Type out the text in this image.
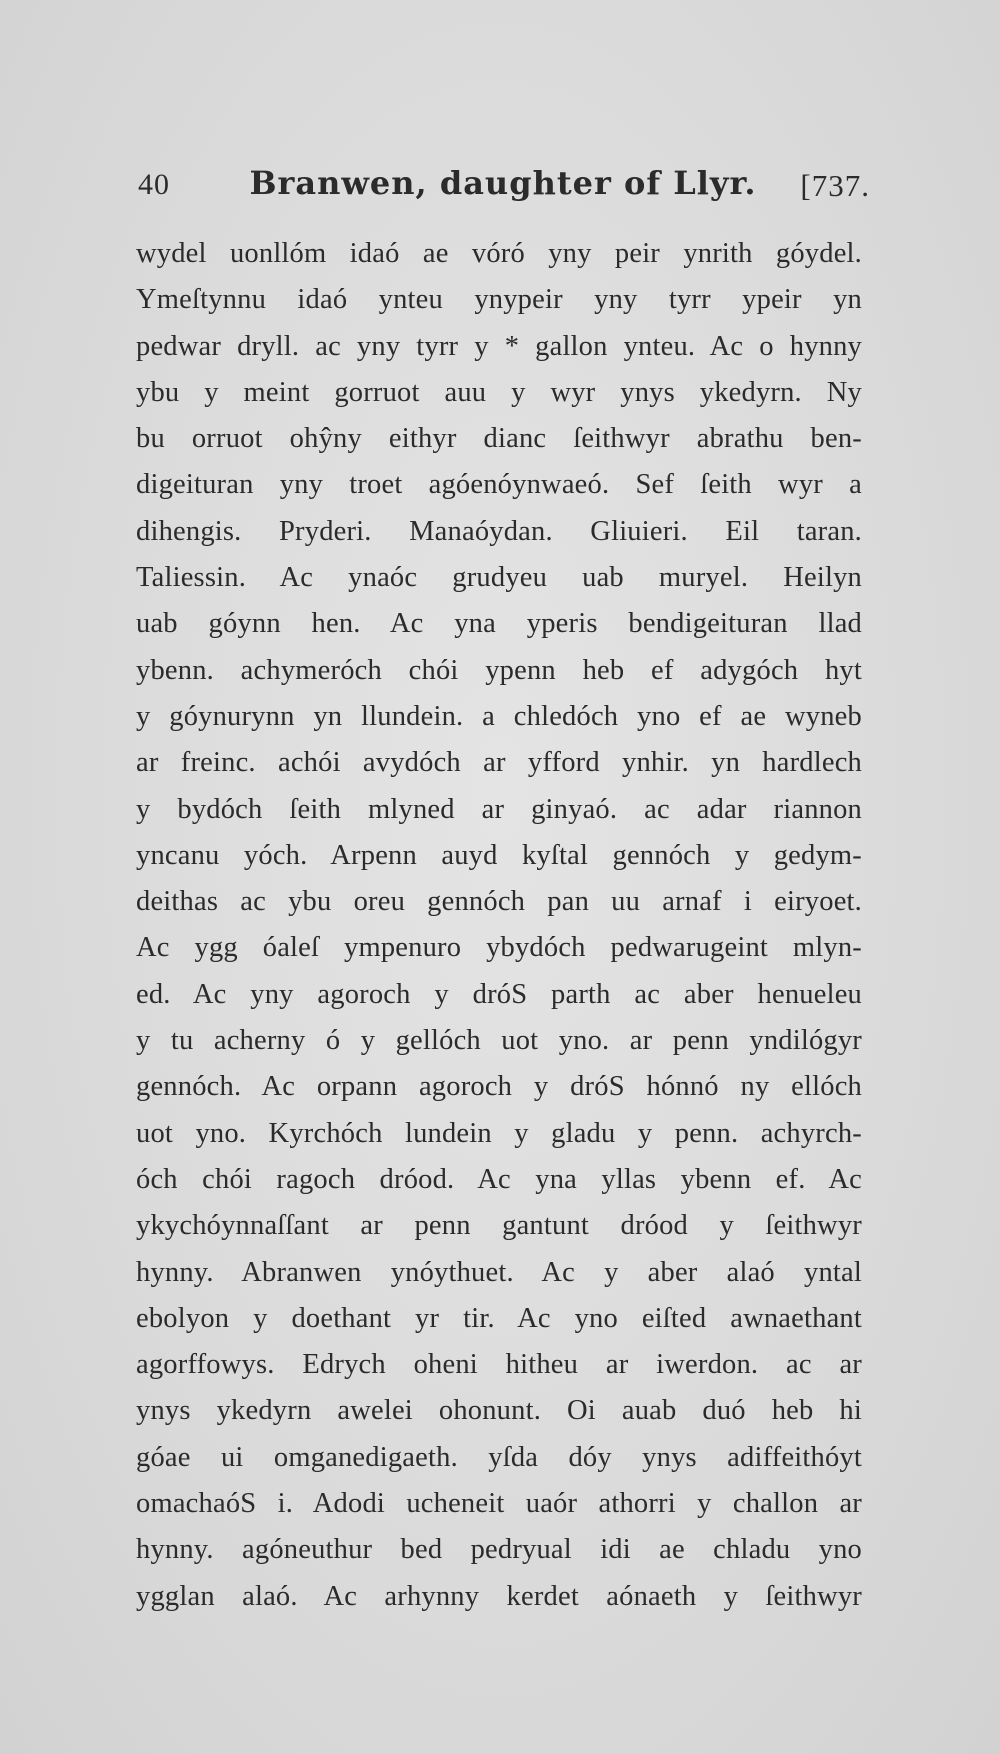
40	Branwen, daughter of Llyr.	[737.
wydel uonllóm idaó ae vóró yny peir ynrith góydel.
Ymeſtynnu idaó ynteu ynypeir yny tyrr ypeir yn
pedwar dryll. ac yny tyrr y * gallon ynteu. Ac o hynny
ybu y meint gorruot auu y wyr ynys ykedyrn. Ny
bu orruot ohŷny eithyr dianc ſeithwyr abrathu ben-
digeituran yny troet agóenóynwaeó. Sef ſeith wyr a
dihengis. Pryderi. Manaóydan. Gliuieri. Eil taran.
Taliessin. Ac ynaóc grudyeu uab muryel. Heilyn
uab góynn hen. Ac yna yperis bendigeituran llad
ybenn. achymeróch chói ypenn heb ef adygóch hyt
y góynurynn yn llundein. a chledóch yno ef ae wyneb
ar freinc. achói avydóch ar yfford ynhir. yn hardlech
y bydóch ſeith mlyned ar ginyaó. ac adar riannon
yncanu yóch. Arpenn auyd kyſtal gennóch y gedym-
deithas ac ybu oreu gennóch pan uu arnaf i eiryoet.
Ac ygg óaleſ ympenuro ybydóch pedwarugeint mlyn-
ed. Ac yny agoroch y dróS parth ac aber henueleu
y tu acherny ó y gellóch uot yno. ar penn yndilógyr
gennóch. Ac orpann agoroch y dróS hónnó ny ellóch
uot yno. Kyrchóch lundein y gladu y penn. achyrch-
óch chói ragoch dróod. Ac yna yllas ybenn ef. Ac
ykychóynnaſſant ar penn gantunt dróod y ſeithwyr
hynny. Abranwen ynóythuet. Ac y aber alaó yntal
ebolyon y doethant yr tir. Ac yno eiſted awnaethant
agorffowys. Edrych oheni hitheu ar iwerdon. ac ar
ynys ykedyrn awelei ohonunt. Oi auab duó heb hi
góae ui omganedigaeth. yſda dóy ynys adiffeithóyt
omachaóS i. Adodi ucheneit uaór athorri y challon ar
hynny. agóneuthur bed pedryual idi ae chladu yno
ygglan alaó. Ac arhynny kerdet aónaeth y ſeithwyr
